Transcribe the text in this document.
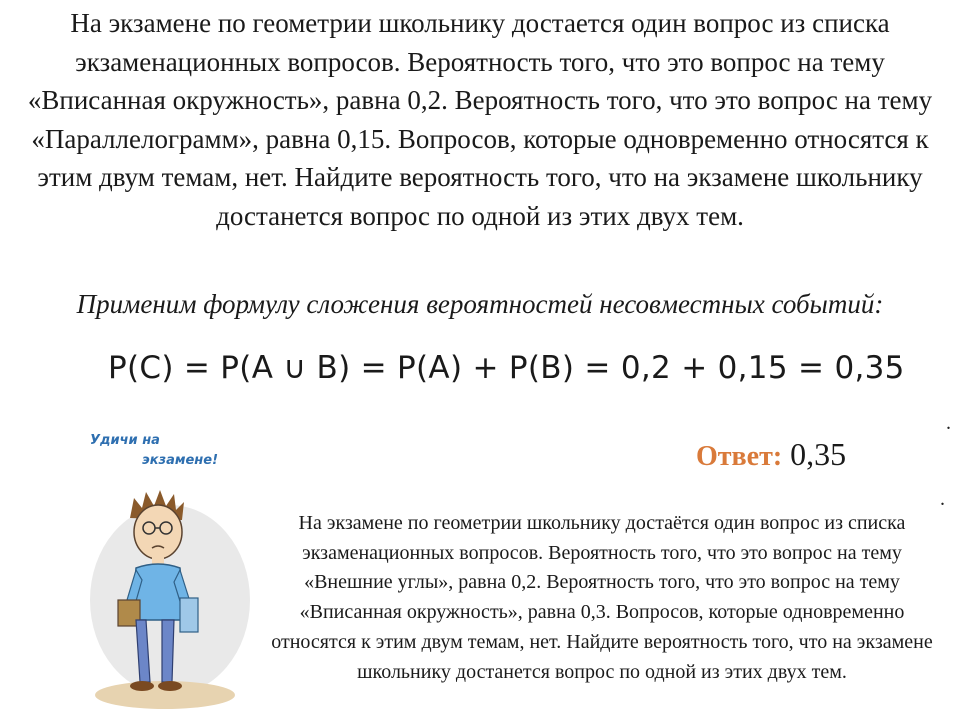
На экзамене по геометрии школьнику достается один вопрос из списка экзаменационных вопросов. Вероятность того, что это вопрос на тему «Вписанная окружность», равна 0,2. Вероятность того, что это вопрос на тему «Параллелограмм», равна 0,15. Вопросов, которые одновременно относятся к этим двум темам, нет. Найдите вероятность того, что на экзамене школьнику достанется вопрос по одной из этих двух тем.

Применим формулу сложения вероятностей несовместных событий:

P(C) = P(A ∪ B) = P(A) + P(B) = 0,2 + 0,15 = 0,35
.
.
Ответ: 0,35
Удичи на
экзамене!

На экзамене по геометрии школьнику достаётся один вопрос из списка экзаменационных вопросов. Вероятность того, что это вопрос на тему «Внешние углы», равна 0,2. Вероятность того, что это вопрос на тему «Вписанная окружность», равна 0,3. Вопросов, которые одновременно относятся к этим двум темам, нет. Найдите вероятность того, что на экзамене школьнику достанется вопрос по одной из этих двух тем.
